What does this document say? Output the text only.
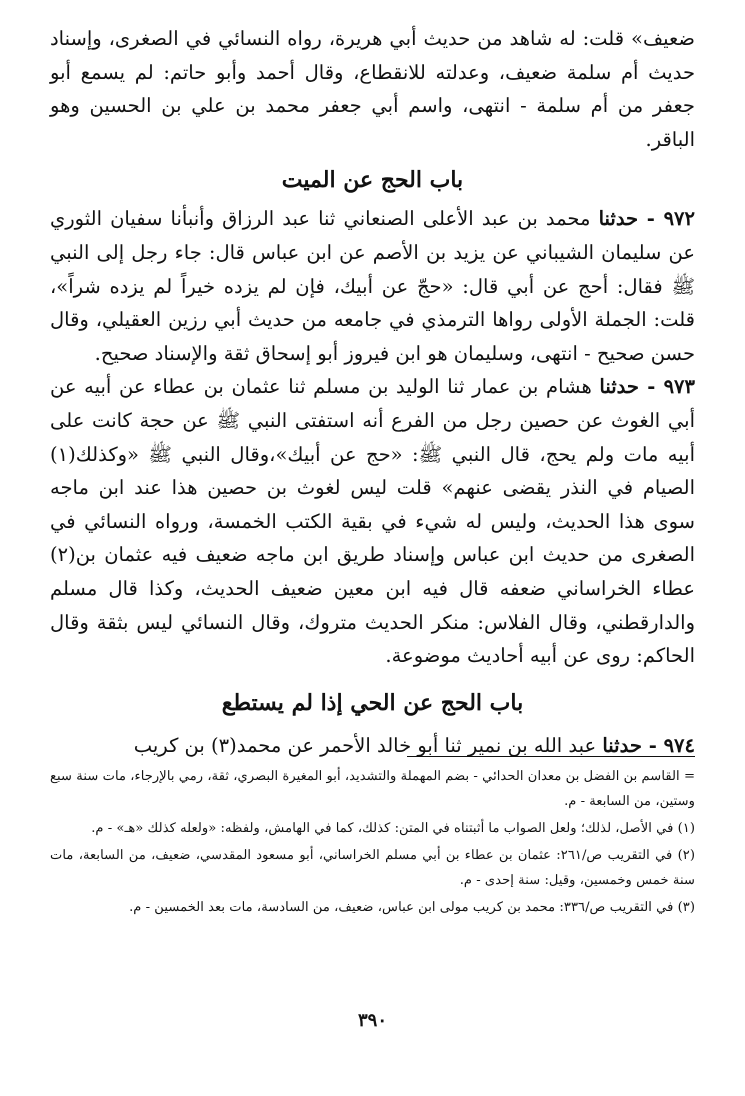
ضعيف» قلت: له شاهد من حديث أبي هريرة، رواه النسائي في الصغرى، وإسناد حديث أم سلمة ضعيف، وعدلته للانقطاع، وقال أحمد وأبو حاتم: لم يسمع أبو جعفر من أم سلمة - انتهى، واسم أبي جعفر محمد بن علي بن الحسين وهو الباقر.

باب الحج عن الميت

٩٧٢ - حدثنا محمد بن عبد الأعلى الصنعاني ثنا عبد الرزاق وأنبأنا سفيان الثوري عن سليمان الشيباني عن يزيد بن الأصم عن ابن عباس قال: جاء رجل إلى النبي ﷺ فقال: أحج عن أبي قال: «حجّ عن أبيك، فإن لم يزده خيراً لم يزده شراً»، قلت: الجملة الأولى رواها الترمذي في جامعه من حديث أبي رزين العقيلي، وقال حسن صحيح - انتهى، وسليمان هو ابن فيروز أبو إسحاق ثقة والإسناد صحيح.

٩٧٣ - حدثنا هشام بن عمار ثنا الوليد بن مسلم ثنا عثمان بن عطاء عن أبيه عن أبي الغوث عن حصين رجل من الفرع أنه استفتى النبي ﷺ عن حجة كانت على أبيه مات ولم يحج، قال النبي ﷺ: «حج عن أبيك»،وقال النبي ﷺ «وكذلك(١) الصيام في النذر يقضى عنهم» قلت ليس لغوث بن حصين هذا عند ابن ماجه سوى هذا الحديث، وليس له شيء في بقية الكتب الخمسة، ورواه النسائي في الصغرى من حديث ابن عباس وإسناد طريق ابن ماجه ضعيف فيه عثمان بن(٢) عطاء الخراساني ضعفه قال فيه ابن معين ضعيف الحديث، وكذا قال مسلم والدارقطني، وقال الفلاس: منكر الحديث متروك، وقال النسائي ليس بثقة وقال الحاكم: روى عن أبيه أحاديث موضوعة.

باب الحج عن الحي إذا لم يستطع

٩٧٤ - حدثنا عبد الله بن نمير ثنا أبو خالد الأحمر عن محمد(٣) بن كريب

= القاسم بن الفضل بن معدان الحدائي - بضم المهملة والتشديد، أبو المغيرة البصري، ثقة، رمي بالإرجاء، مات سنة سبع وستين، من السابعة - م.

(١) في الأصل، لذلك؛ ولعل الصواب ما أثبتناه في المتن: كذلك، كما في الهامش، ولفظه: «ولعله كذلك «هـ» - م.

(٢) في التقريب ص/٢٦١: عثمان بن عطاء بن أبي مسلم الخراساني، أبو مسعود المقدسي، ضعيف، من السابعة، مات سنة خمس وخمسين، وقيل: سنة إحدى - م.

(٣) في التقريب ص/٣٣٦: محمد بن كريب مولى ابن عباس، ضعيف، من السادسة، مات بعد الخمسين - م.

٣٩٠
